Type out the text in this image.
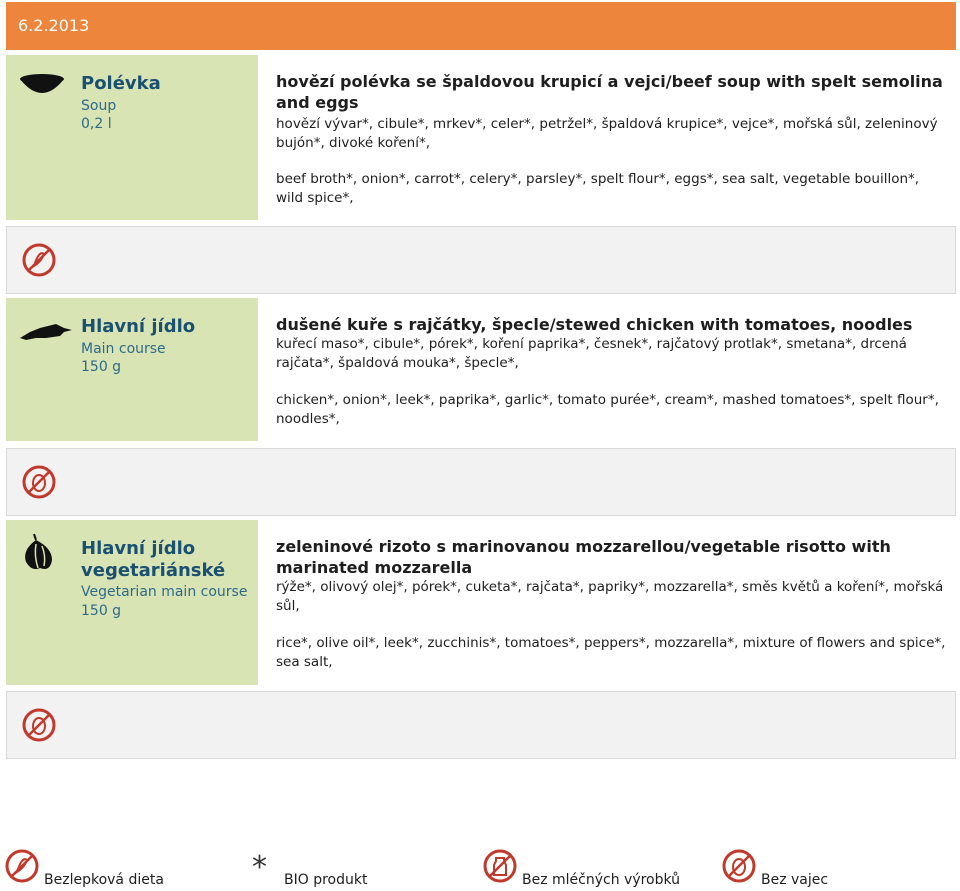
6.2.2013
Polévka
Soup
0,2 l
hovězí polévka se špaldovou krupicí a vejci/beef soup with spelt semolina and eggs
hovězí vývar*, cibule*, mrkev*, celer*, petržel*, špaldová krupice*, vejce*, mořská sůl, zeleninový bujón*, divoké koření*,
beef broth*, onion*, carrot*, celery*, parsley*, spelt flour*, eggs*, sea salt, vegetable bouillon*, wild spice*,
Hlavní jídlo
Main course
150 g
dušené kuře s rajčátky, špecle/stewed chicken with tomatoes, noodles
kuřecí maso*, cibule*, pórek*, koření paprika*, česnek*, rajčatový protlak*, smetana*, drcená rajčata*, špaldová mouka*, špecle*,
chicken*, onion*, leek*, paprika*, garlic*, tomato purée*, cream*, mashed tomatoes*, spelt flour*, noodles*,
Hlavní jídlo vegetariánské
Vegetarian main course
150 g
zeleninové rizoto s marinovanou mozzarellou/vegetable risotto with marinated mozzarella
rýže*, olivový olej*, pórek*, cuketa*, rajčata*, papriky*, mozzarella*, směs květů a koření*, mořská sůl,
rice*, olive oil*, leek*, zucchinis*, tomatoes*, peppers*, mozzarella*, mixture of flowers and spice*, sea salt,
Bezlepková dieta	* BIO produkt	Bez mléčných výrobků	Bez vajec
